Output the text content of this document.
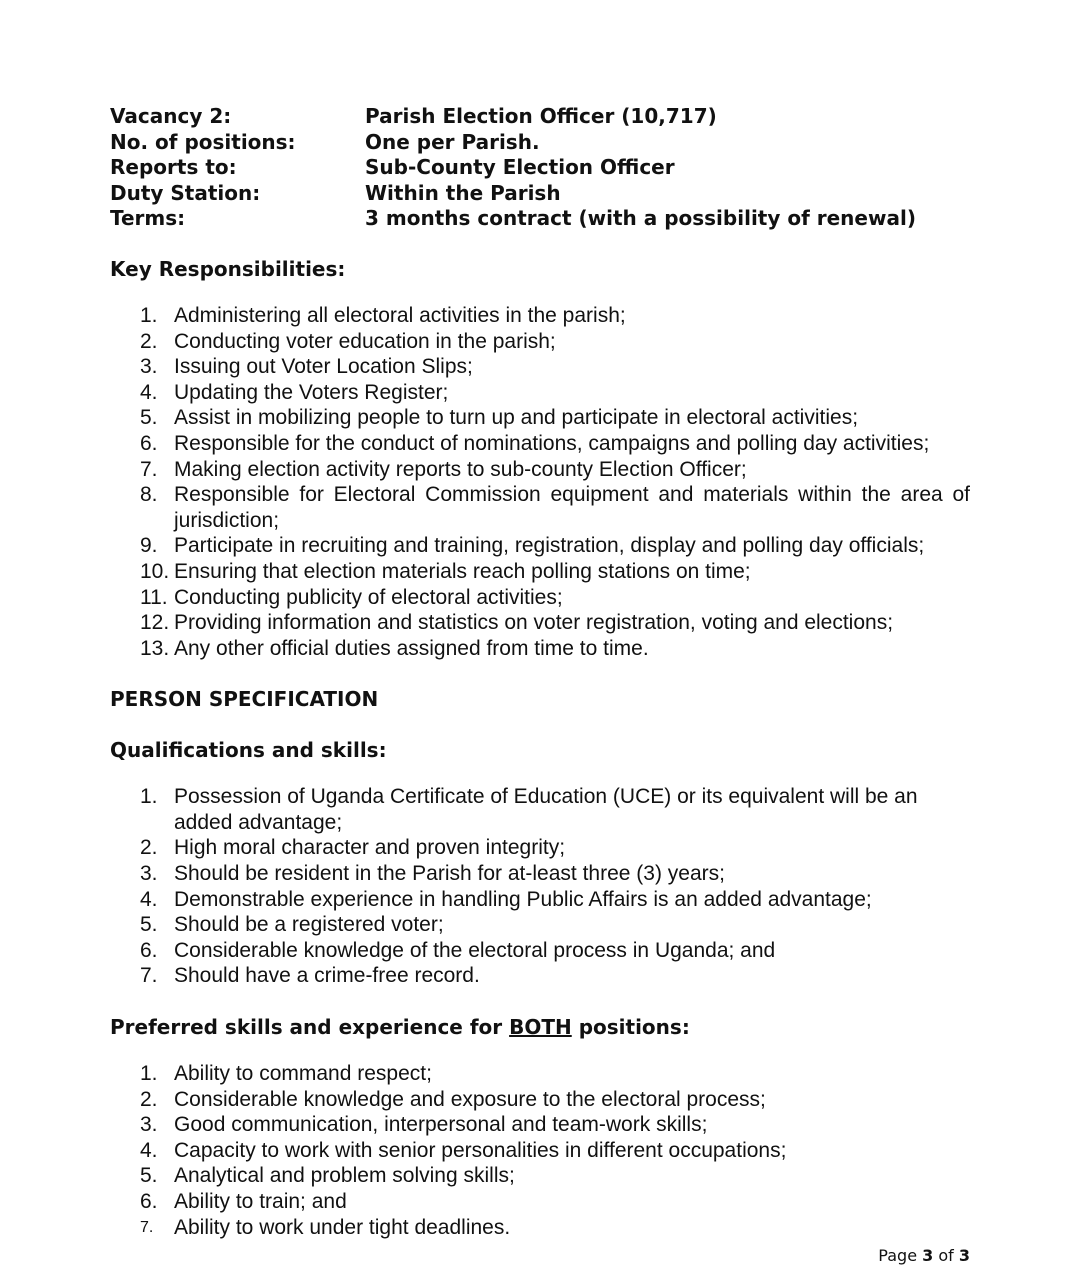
Vacancy 2:	Parish Election Officer (10,717)
No. of positions:	One per Parish.
Reports to:	Sub-County Election Officer
Duty Station:	Within the Parish
Terms:	3 months contract (with a possibility of renewal)
Key Responsibilities:
1. Administering all electoral activities in the parish;
2. Conducting voter education in the parish;
3. Issuing out Voter Location Slips;
4. Updating the Voters Register;
5. Assist in mobilizing people to turn up and participate in electoral activities;
6. Responsible for the conduct of nominations, campaigns and polling day activities;
7. Making election activity reports to sub-county Election Officer;
8. Responsible for Electoral Commission equipment and materials within the area of jurisdiction;
9. Participate in recruiting and training, registration, display and polling day officials;
10. Ensuring that election materials reach polling stations on time;
11. Conducting publicity of electoral activities;
12. Providing information and statistics on voter registration, voting and elections;
13. Any other official duties assigned from time to time.
PERSON SPECIFICATION
Qualifications and skills:
1. Possession of Uganda Certificate of Education (UCE) or its equivalent will be an added advantage;
2. High moral character and proven integrity;
3. Should be resident in the Parish for at-least three (3) years;
4. Demonstrable experience in handling Public Affairs is an added advantage;
5. Should be a registered voter;
6. Considerable knowledge of the electoral process in Uganda; and
7. Should have a crime-free record.
Preferred skills and experience for BOTH positions:
1. Ability to command respect;
2. Considerable knowledge and exposure to the electoral process;
3. Good communication, interpersonal and team-work skills;
4. Capacity to work with senior personalities in different occupations;
5. Analytical and problem solving skills;
6. Ability to train; and
7. Ability to work under tight deadlines.
Page 3 of 3
